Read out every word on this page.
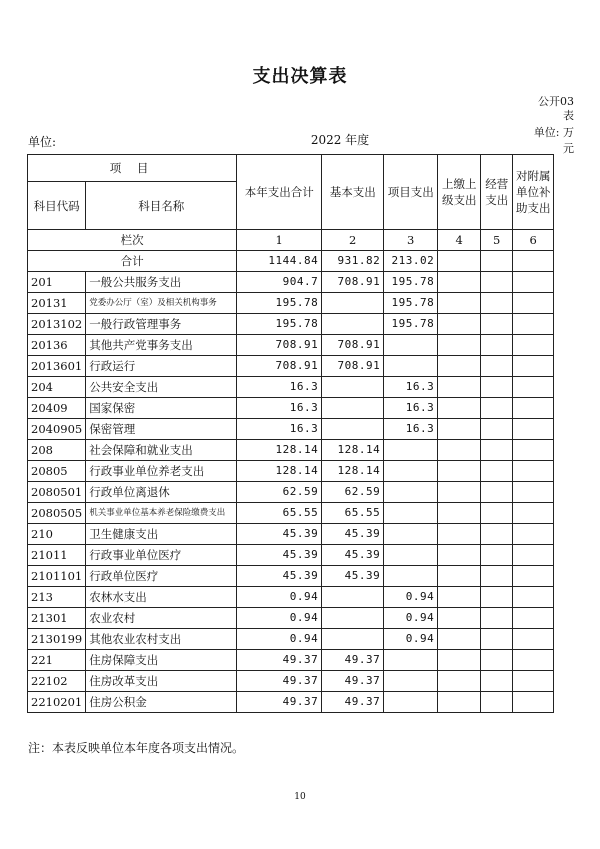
支出决算表
公开03
表
单位:	2022 年度
单位: 万
元
项 目		本年支出合计	基本支出	项目支出	上缴上级支出	经营支出	对附属单位补助支出
科目代码	科目名称						
栏次		1	2	3	4	5	6
合计		1144.84	931.82	213.02			
201	一般公共服务支出	904.7	708.91	195.78			
20131	党委办公厅（室）及相关机构事务	195.78		195.78			
2013102	一般行政管理事务	195.78		195.78			
20136	其他共产党事务支出	708.91	708.91				
2013601	行政运行	708.91	708.91				
204	公共安全支出	16.3		16.3			
20409	国家保密	16.3		16.3			
2040905	保密管理	16.3		16.3			
208	社会保障和就业支出	128.14	128.14				
20805	行政事业单位养老支出	128.14	128.14				
2080501	行政单位离退休	62.59	62.59				
2080505	机关事业单位基本养老保险缴费支出	65.55	65.55				
210	卫生健康支出	45.39	45.39				
21011	行政事业单位医疗	45.39	45.39				
2101101	行政单位医疗	45.39	45.39				
213	农林水支出	0.94		0.94			
21301	农业农村	0.94		0.94			
2130199	其他农业农村支出	0.94		0.94			
221	住房保障支出	49.37	49.37				
22102	住房改革支出	49.37	49.37				
2210201	住房公积金	49.37	49.37				
注：本表反映单位本年度各项支出情况。
10
